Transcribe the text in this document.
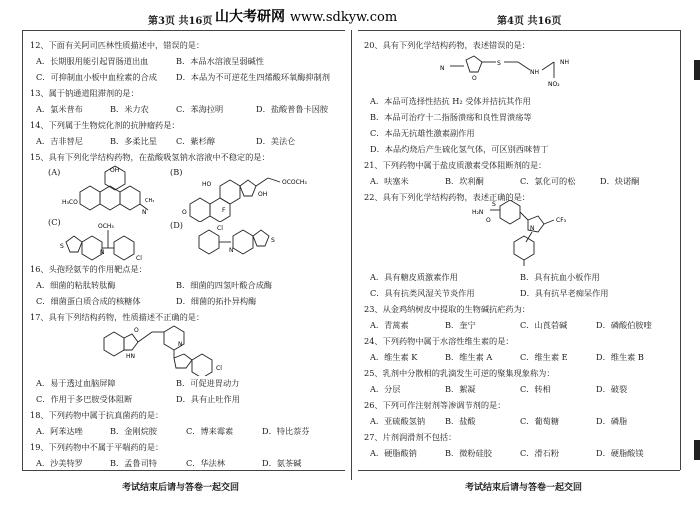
第3页 共16页 山大考研网 www.sdkyw.com	第4页 共16页
12、下面有关阿司匹林性质描述中，错误的是：
A．长期服用能引起胃肠道出血	B．本品水溶液呈弱碱性
C．可抑制血小板中血栓素的合成 D．本品为不可逆花生四烯酸环氧酶抑制剂
13、属于钠通道阻滞剂的是：
A．氯米普布	B．米力农	C．苯海拉明	D．盐酸普鲁卡因胺
14、下列属于生物烷化剂的抗肿瘤药是：
A．吉非替尼	B．多柔比星 C．紫杉醇	D．美法仑
15、具有下列化学结构药物，在盐酸吸氢钠水溶液中不稳定的是：
(A)	(B)
(C)	(D)
OH
H₃CO
N
CH₃
O
HO
F
OCOCH₃
OH
OCH₃
S
N
Cl
Cl
N
S
16、头孢羟氨苄的作用靶点是：
A．细菌的粘肽转肽酶	B．细菌的四氢叶酸合成酶
C．细菌蛋白质合成的核糖体	D．细菌的拓扑异构酶
17、具有下列结构药物，性质描述不正确的是：
HN
O
N
Cl
A．易于透过血脑屏障	B．可促进胃动力
C．作用于多巴胺受体阻断	D．具有止吐作用
18、下列药物中属于抗真菌药的是：
A．阿苯达唑	B．金刚烷胺	C．博来霉素	D．特比萘芬
19、下列药物中不属于平喘药的是：
A．沙美特罗	B．孟鲁司特	C．华法林	D．氨茶碱
20、具有下列化学结构药物，表述错误的是：
N
O
S
NH
NH
NO₂
A．本品可选择性拮抗 H₂ 受体并拮抗其作用
B．本品可治疗十二指肠溃疡和良性胃溃疡等
C．本品无抗雄性激素副作用
D．本品灼烧后产生硫化氢气体，可区别西咪替丁
21、下列药物中属于盐皮质激素受体阻断剂的是：
A．呋塞米	B．坎利酮	C．氯化可的松	D．炔诺酮
22、具有下列化学结构药物，表述正确的是：
H₂N
S
O	CF₃
N
A．具有糖皮质激素作用	B．具有抗血小板作用
C．具有抗类风湿关节炎作用	D．具有抗早老痴呆作用
23、从金鸡纳树皮中提取的生物碱抗疟药为：
A．青蒿素	B．奎宁	C．山莨菪碱	D．磷酸伯胺喹
24、下列药物中属于水溶性维生素的是：
A．维生素 K	B．维生素 A	C．维生素 E	D．维生素 B
25、乳剂中分散相的乳滴发生可逆的聚集现象称为：
A．分层	B．絮凝	C．转相	D．破裂
26、下列可作注射剂等渗调节剂的是：
A．亚硫酸氢钠 B．盐酸	C．葡萄糖	D．磷脂
27、片剂润滑剂不包括：
A．硬脂酸钠	B．微粉硅胶	C．滑石粉	D．硬脂酸镁
考试结束后请与答卷一起交回	考试结束后请与答卷一起交回
